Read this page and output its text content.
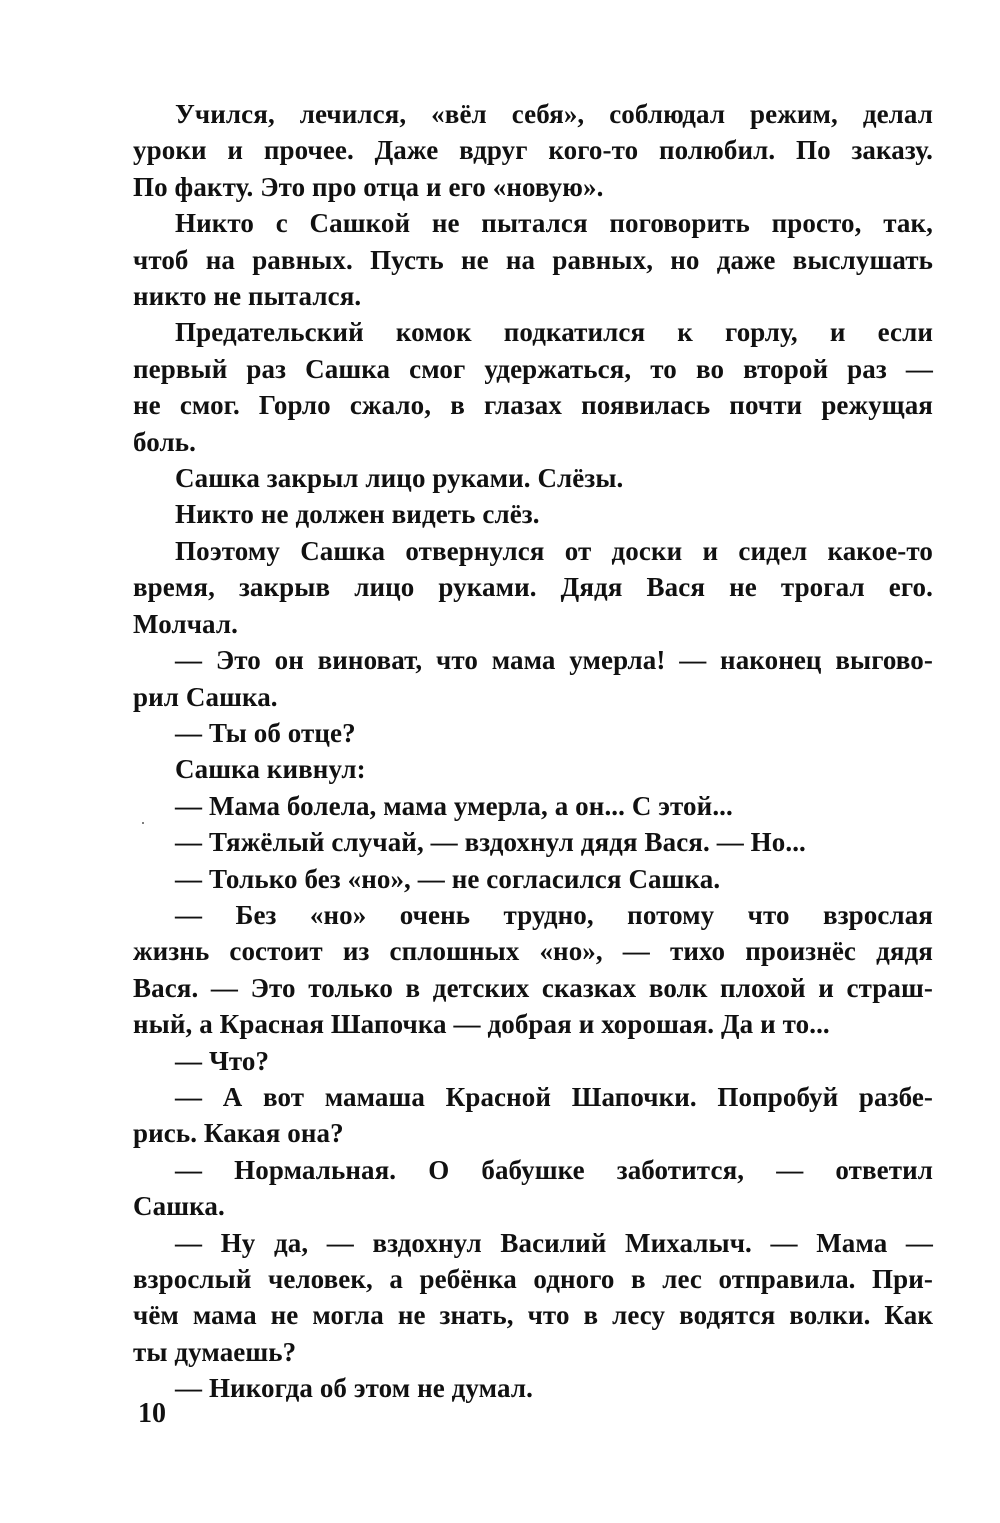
Учился, лечился, «вёл себя», соблюдал режим, делал
уроки и прочее. Даже вдруг кого-то полюбил. По заказу.
По факту. Это про отца и его «новую».
Никто с Сашкой не пытался поговорить просто, так,
чтоб на равных. Пусть не на равных, но даже выслушать
никто не пытался.
Предательский комок подкатился к горлу, и если
первый раз Сашка смог удержаться, то во второй раз —
не смог. Горло сжало, в глазах появилась почти режущая
боль.
Сашка закрыл лицо руками. Слёзы.
Никто не должен видеть слёз.
Поэтому Сашка отвернулся от доски и сидел какое-то
время, закрыв лицо руками. Дядя Вася не трогал его.
Молчал.
— Это он виноват, что мама умерла! — наконец выгово-
рил Сашка.
— Ты об отце?
Сашка кивнул:
— Мама болела, мама умерла, а он... С этой...
— Тяжёлый случай, — вздохнул дядя Вася. — Но...
— Только без «но», — не согласился Сашка.
— Без «но» очень трудно, потому что взрослая
жизнь состоит из сплошных «но», — тихо произнёс дядя
Вася. — Это только в детских сказках волк плохой и страш-
ный, а Красная Шапочка — добрая и хорошая. Да и то...
— Что?
— А вот мамаша Красной Шапочки. Попробуй разбе-
рись. Какая она?
— Нормальная. О бабушке заботится, — ответил
Сашка.
— Ну да, — вздохнул Василий Михалыч. — Мама —
взрослый человек, а ребёнка одного в лес отправила. При-
чём мама не могла не знать, что в лесу водятся волки. Как
ты думаешь?
— Никогда об этом не думал.
10
